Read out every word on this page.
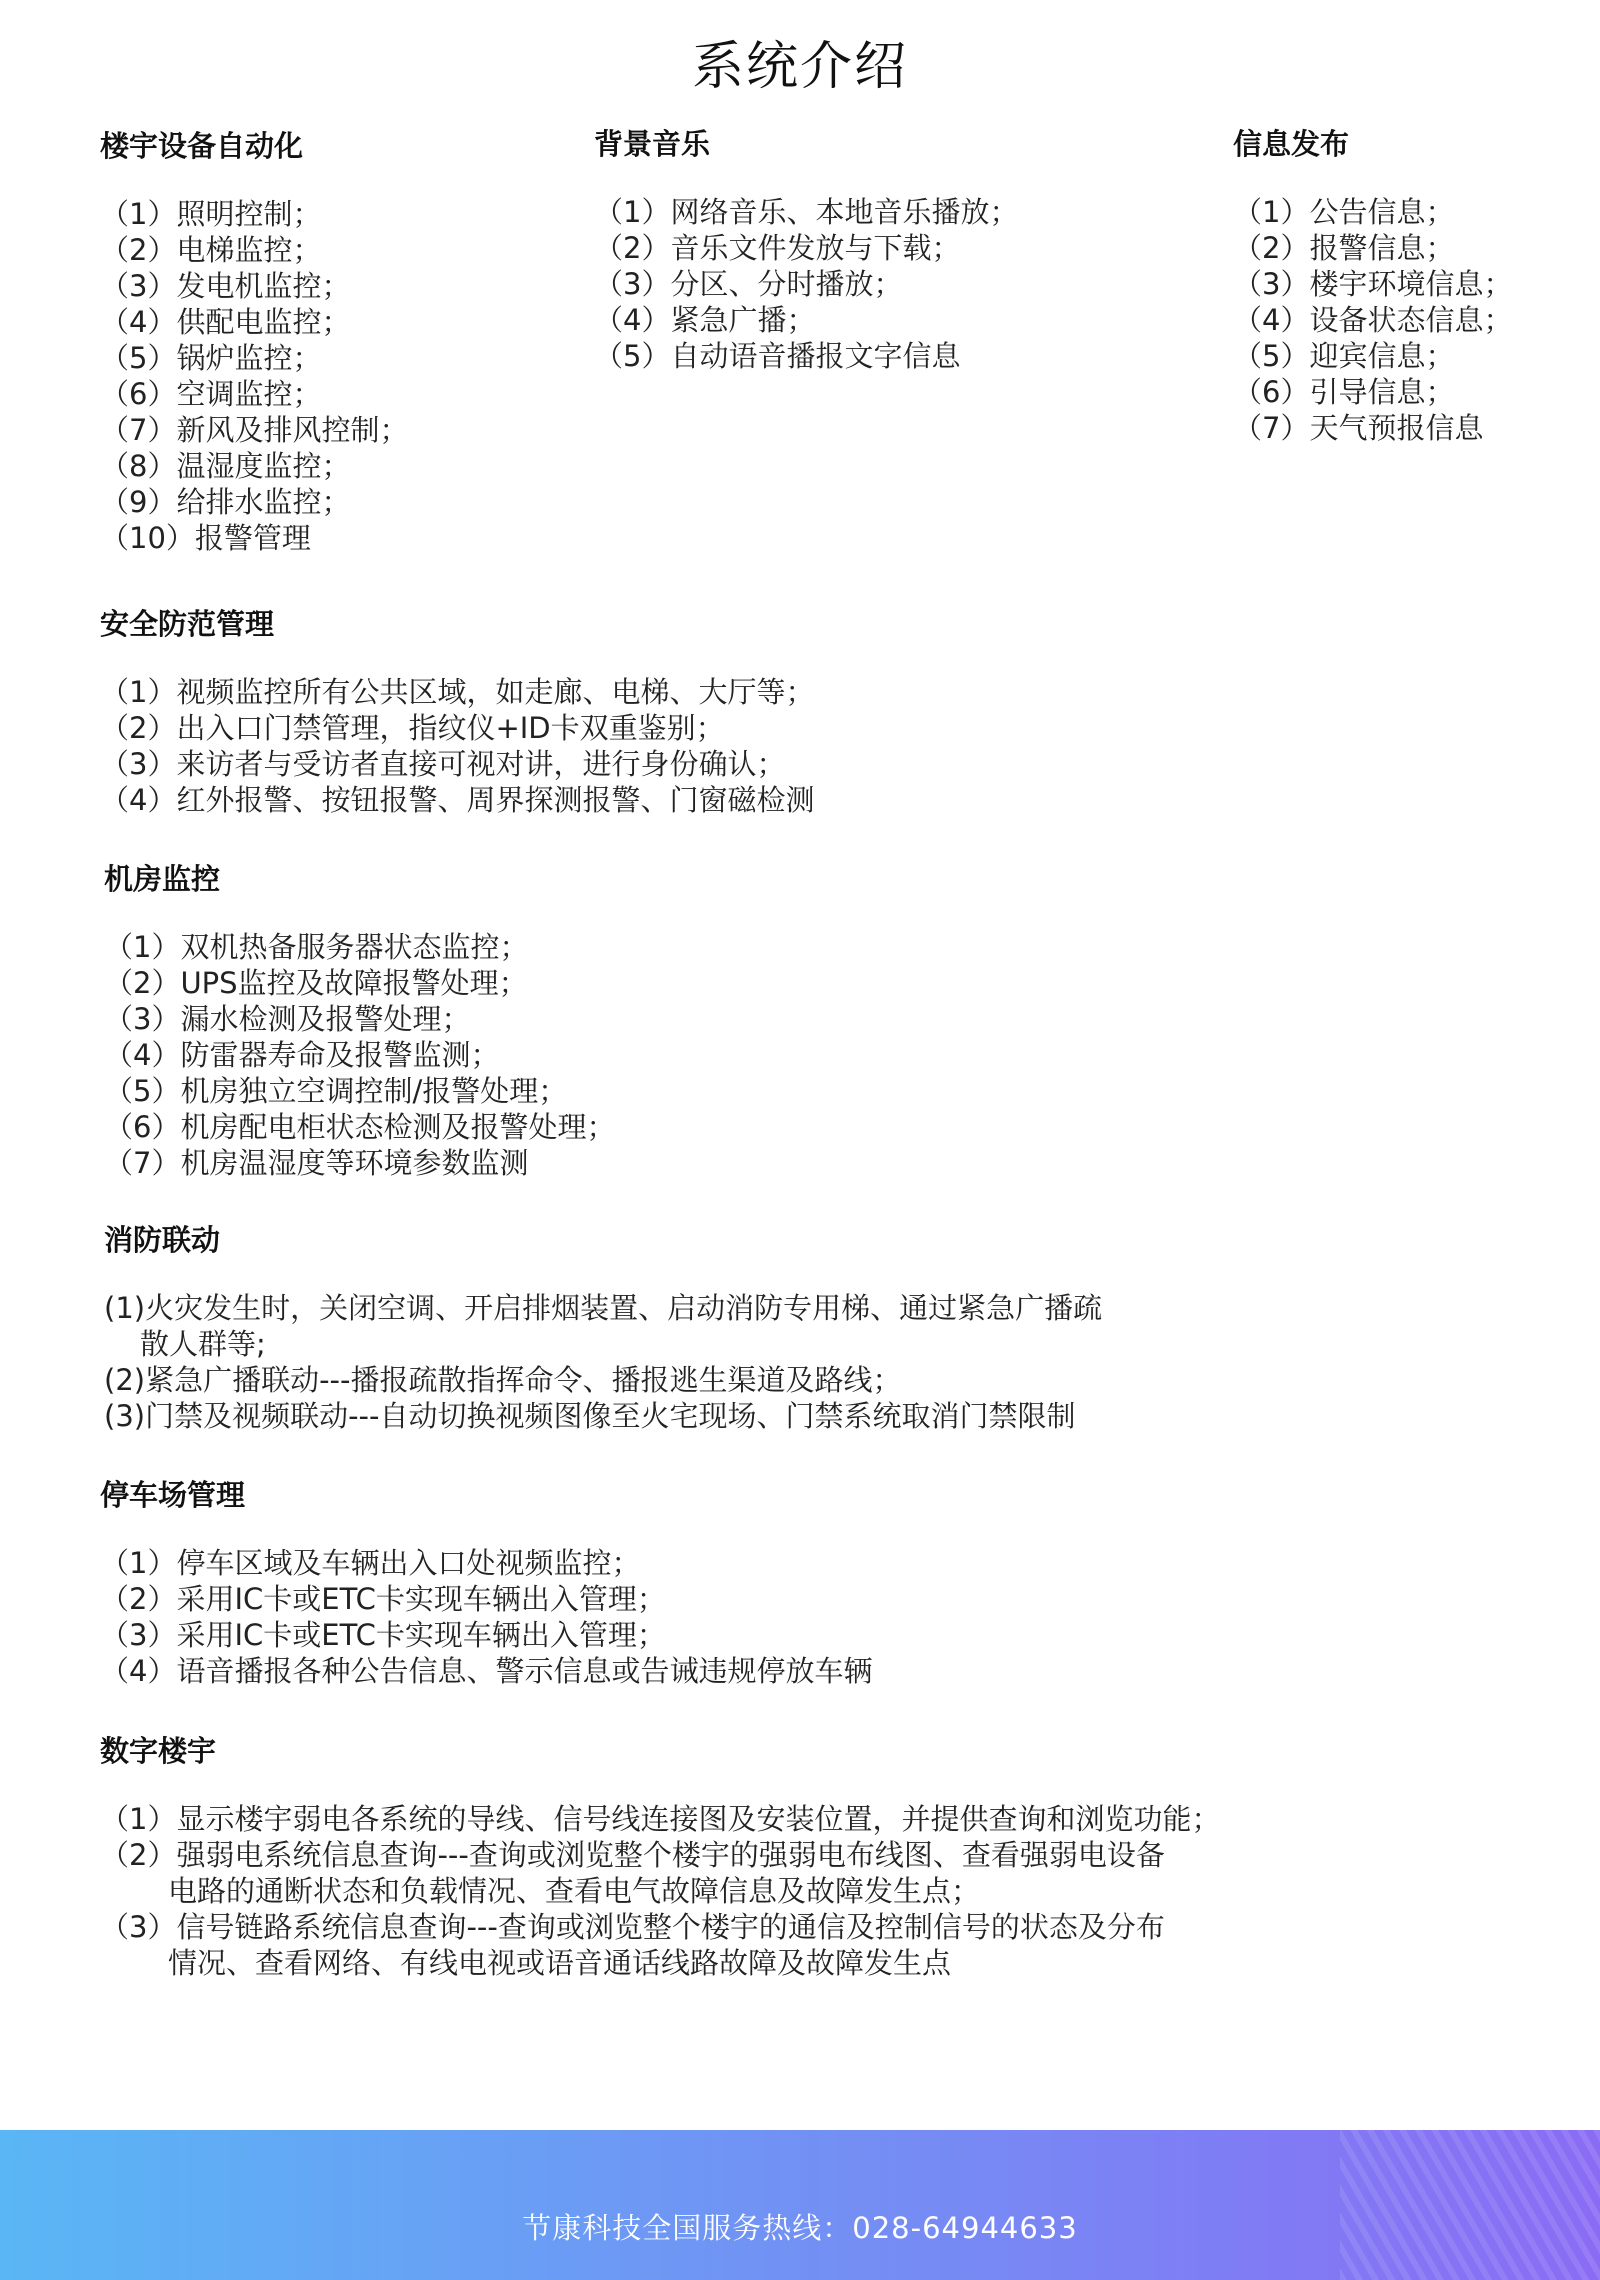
系统介绍
楼宇设备自动化
（1）照明控制；
（2）电梯监控；
（3）发电机监控；
（4）供配电监控；
（5）锅炉监控；
（6）空调监控；
（7）新风及排风控制；
（8）温湿度监控；
（9）给排水监控；
（10）报警管理
背景音乐
（1）网络音乐、本地音乐播放；
（2）音乐文件发放与下载；
（3）分区、分时播放；
（4）紧急广播；
（5）自动语音播报文字信息
信息发布
（1）公告信息；
（2）报警信息；
（3）楼宇环境信息；
（4）设备状态信息；
（5）迎宾信息；
（6）引导信息；
（7）天气预报信息
安全防范管理
（1）视频监控所有公共区域，如走廊、电梯、大厅等；
（2）出入口门禁管理，指纹仪+ID卡双重鉴别；
（3）来访者与受访者直接可视对讲，进行身份确认；
（4）红外报警、按钮报警、周界探测报警、门窗磁检测
机房监控
（1）双机热备服务器状态监控；
（2）UPS监控及故障报警处理；
（3）漏水检测及报警处理；
（4）防雷器寿命及报警监测；
（5）机房独立空调控制/报警处理；
（6）机房配电柜状态检测及报警处理；
（7）机房温湿度等环境参数监测
消防联动
(1)火灾发生时，关闭空调、开启排烟装置、启动消防专用梯、通过紧急广播疏
散人群等;
(2)紧急广播联动---播报疏散指挥命令、播报逃生渠道及路线；
(3)门禁及视频联动---自动切换视频图像至火宅现场、门禁系统取消门禁限制
停车场管理
（1）停车区域及车辆出入口处视频监控；
（2）采用IC卡或ETC卡实现车辆出入管理；
（3）采用IC卡或ETC卡实现车辆出入管理；
（4）语音播报各种公告信息、警示信息或告诫违规停放车辆
数字楼宇
（1）显示楼宇弱电各系统的导线、信号线连接图及安装位置，并提供查询和浏览功能；
（2）强弱电系统信息查询---查询或浏览整个楼宇的强弱电布线图、查看强弱电设备
电路的通断状态和负载情况、查看电气故障信息及故障发生点；
（3）信号链路系统信息查询---查询或浏览整个楼宇的通信及控制信号的状态及分布
情况、查看网络、有线电视或语音通话线路故障及故障发生点
节康科技全国服务热线：028-64944633
